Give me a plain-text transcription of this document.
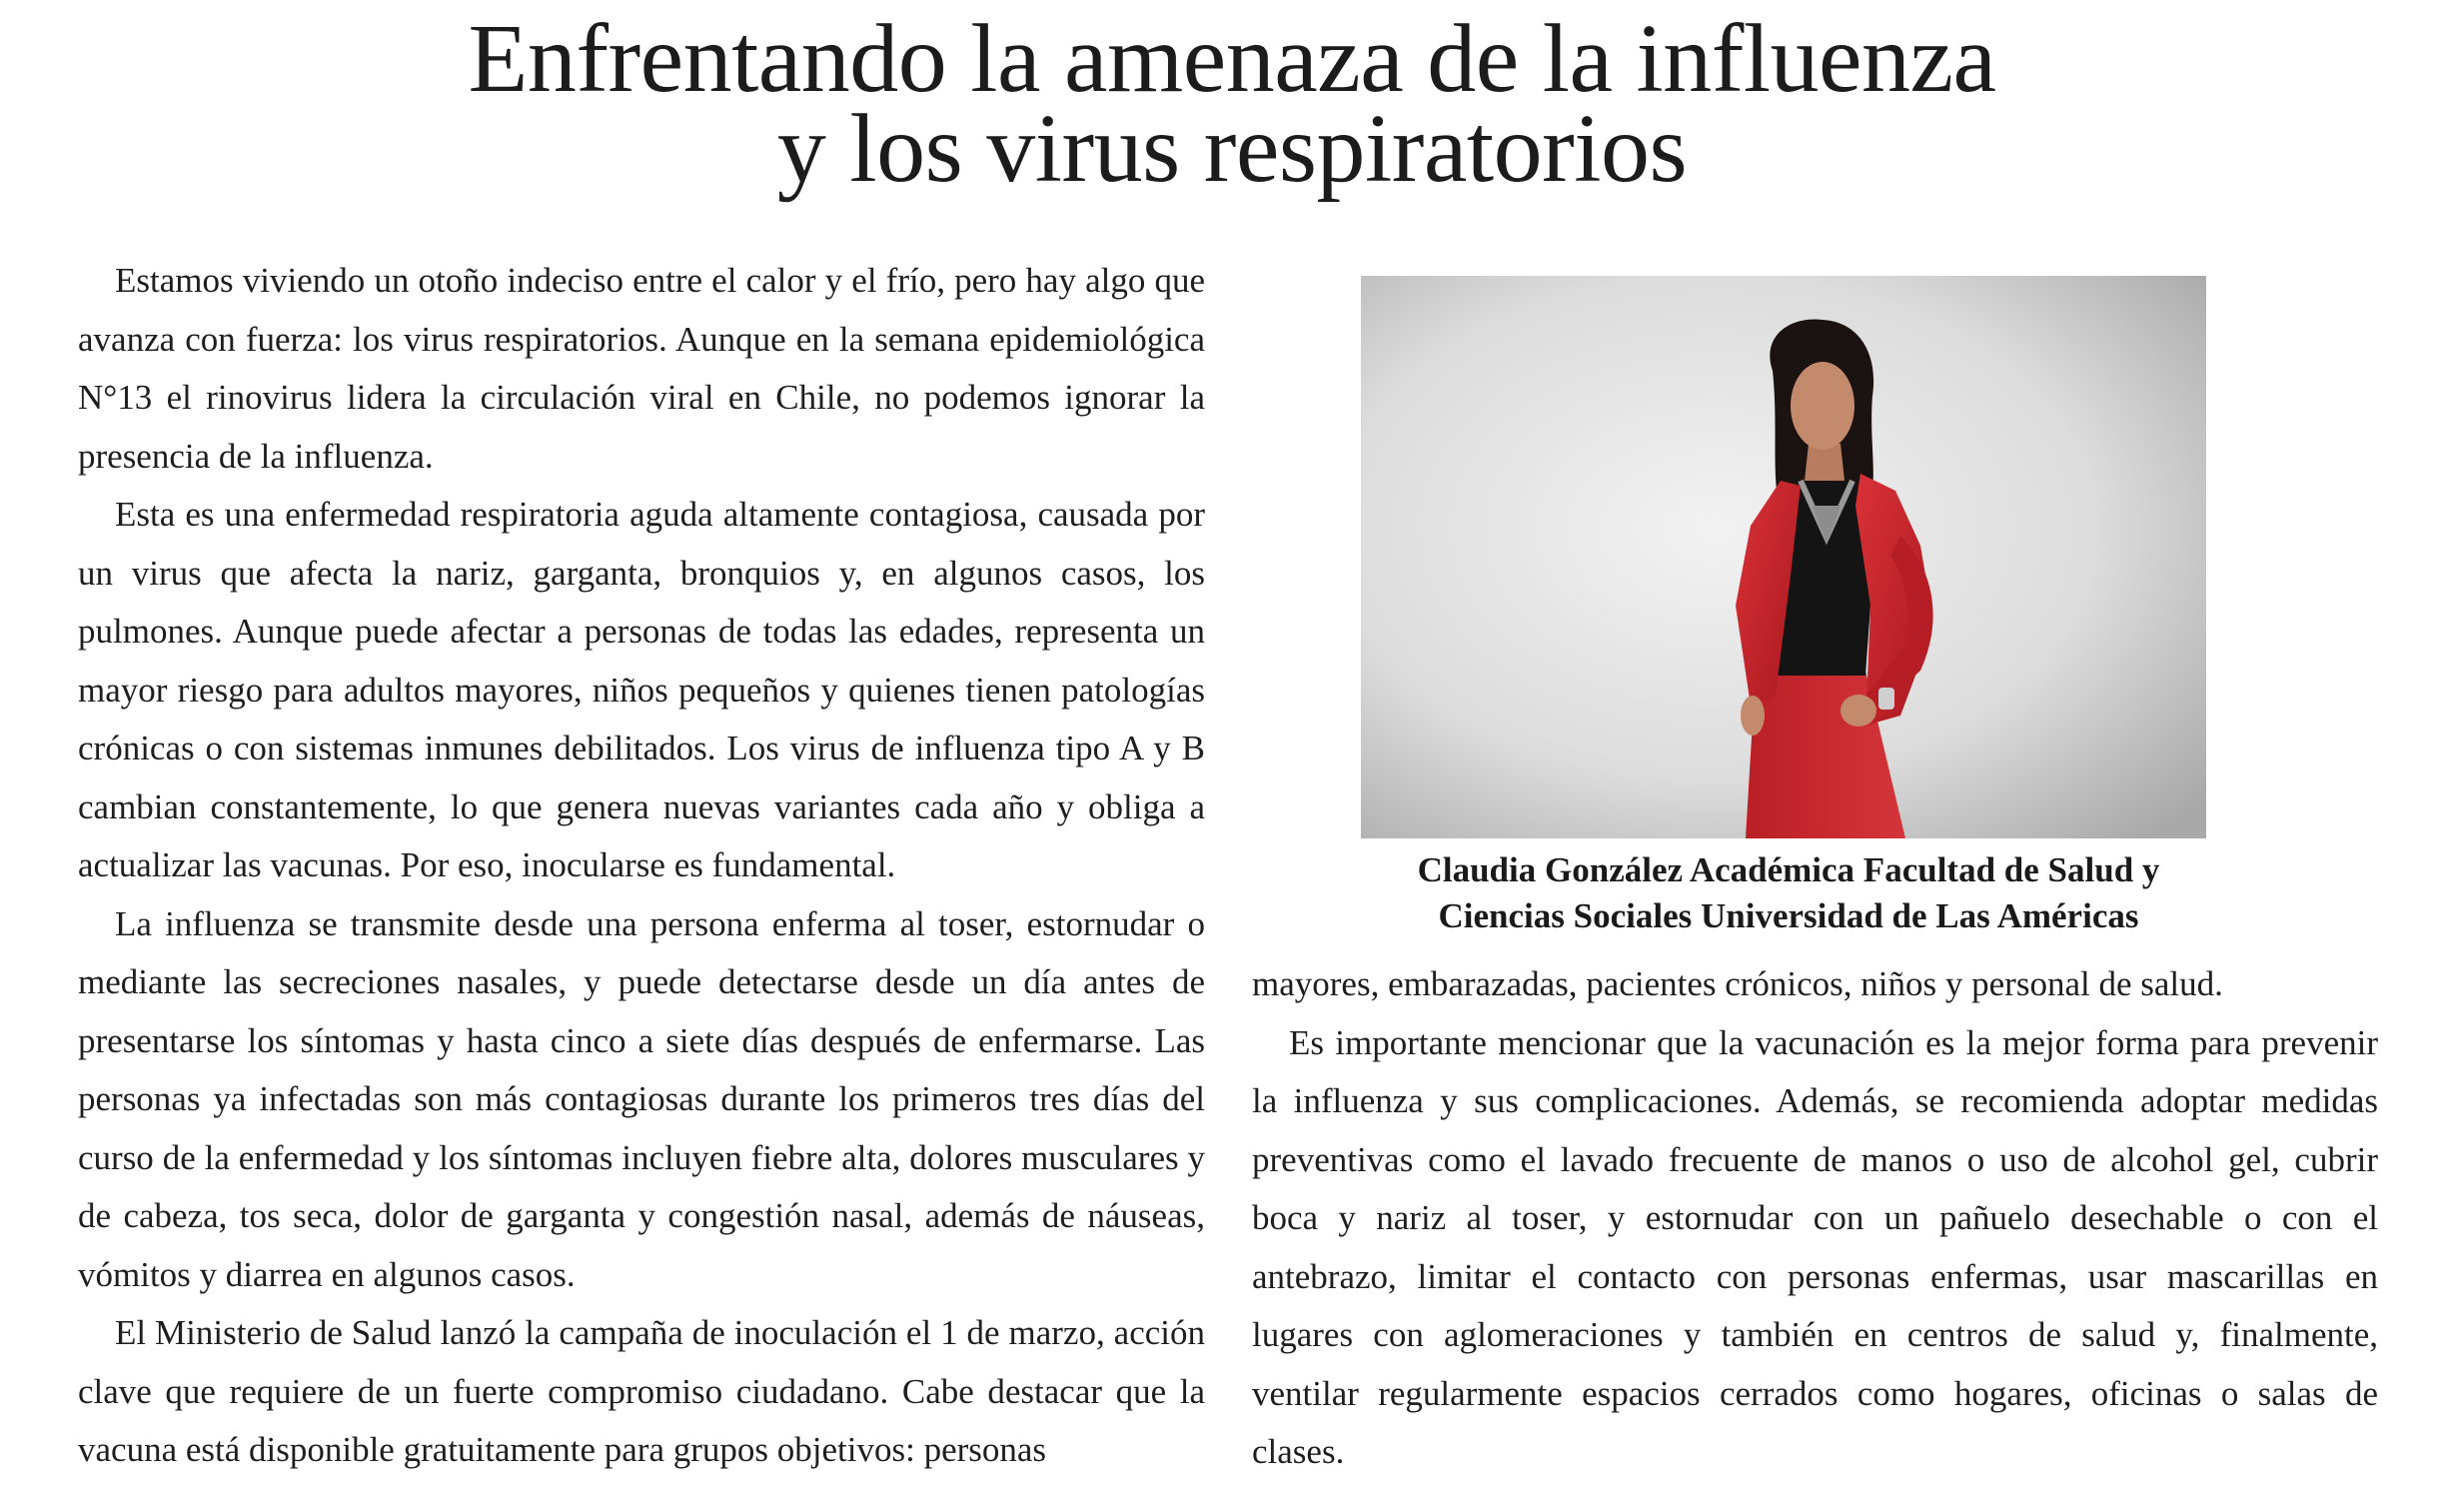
Enfrentando la amenaza de la influenza
y los virus respiratorios

Estamos viviendo un otoño indeciso entre el calor y el frío, pero hay algo que avanza con fuerza: los virus respiratorios. Aunque en la semana epidemiológica N°13 el rinovirus lidera la circulación viral en Chile, no podemos ignorar la presencia de la influenza.

Esta es una enfermedad respiratoria aguda altamente contagiosa, causada por un virus que afecta la nariz, garganta, bronquios y, en algunos casos, los pulmones. Aunque puede afectar a personas de todas las edades, representa un mayor riesgo para adultos mayores, niños pequeños y quienes tienen patologías crónicas o con sistemas inmunes debilitados. Los virus de influenza tipo A y B cambian constantemente, lo que genera nuevas variantes cada año y obliga a actualizar las vacunas. Por eso, inocularse es fundamental.

La influenza se transmite desde una persona enferma al toser, estornudar o mediante las secreciones nasales, y puede detectarse desde un día antes de presentarse los síntomas y hasta cinco a siete días después de enfermarse. Las personas ya infectadas son más contagiosas durante los primeros tres días del curso de la enfermedad y los síntomas incluyen fiebre alta, dolores musculares y de cabeza, tos seca, dolor de garganta y congestión nasal, además de náuseas, vómitos y diarrea en algunos casos.

El Ministerio de Salud lanzó la campaña de inoculación el 1 de marzo, acción clave que requiere de un fuerte compromiso ciudadano. Cabe destacar que la vacuna está disponible gratuitamente para grupos objetivos: personas

Claudia González Académica Facultad de Salud y
Ciencias Sociales Universidad de Las Américas

mayores, embarazadas, pacientes crónicos, niños y personal de salud.

Es importante mencionar que la vacunación es la mejor forma para prevenir la influenza y sus complicaciones. Además, se recomienda adoptar medidas preventivas como el lavado frecuente de manos o uso de alcohol gel, cubrir boca y nariz al toser, y estornudar con un pañuelo desechable o con el antebrazo, limitar el contacto con personas enfermas, usar mascarillas en lugares con aglomeraciones y también en centros de salud y, finalmente, ventilar regularmente espacios cerrados como hogares, oficinas o salas de clases.
